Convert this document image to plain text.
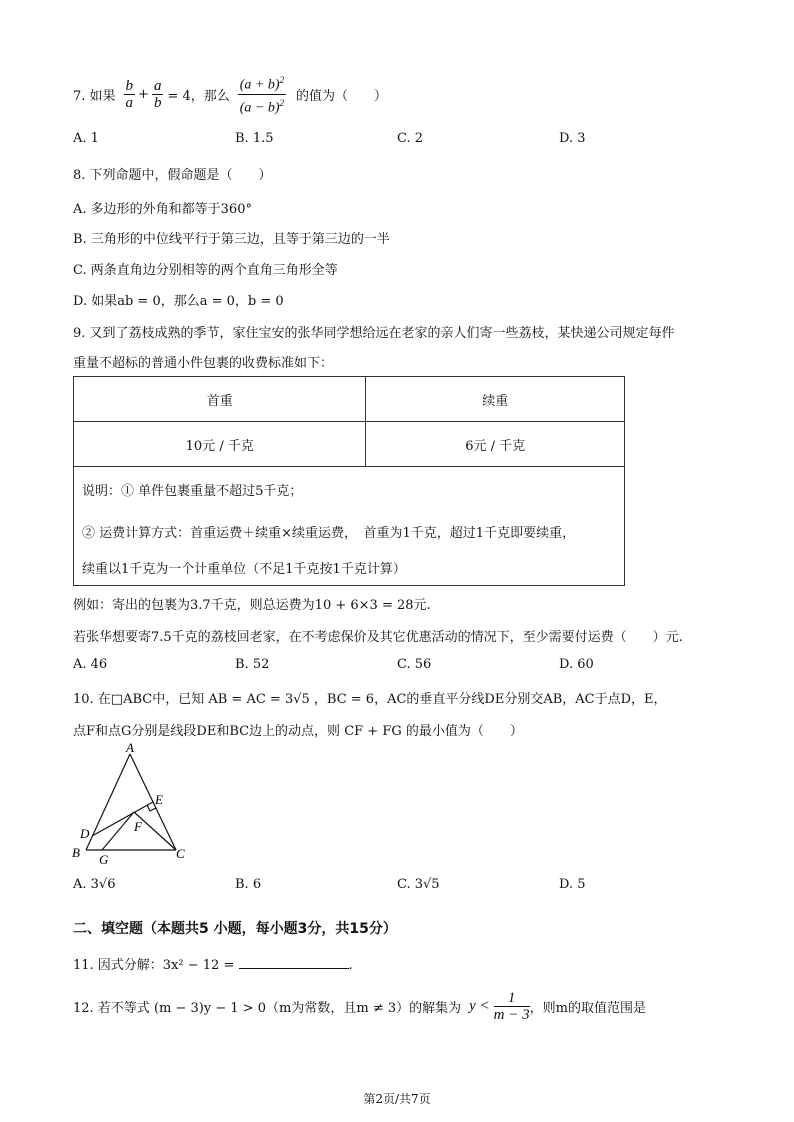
7. 如果 $\frac{b}{a} + \frac{a}{b} = 4$，那么 $\frac{(a + b)^2}{(a - b)^2}$ 的值为（　　）
A. 1	B. 1.5	C. 2	D. 3
8. 下列命题中，假命题是（　　）
A. 多边形的外角和都等于360°
B. 三角形的中位线平行于第三边，且等于第三边的一半
C. 两条直角边分别相等的两个直角三角形全等
D. 如果ab = 0，那么a = 0，b = 0
9. 又到了荔枝成熟的季节，家住宝安的张华同学想给远在老家的亲人们寄一些荔枝，某快递公司规定每件
重量不超标的普通小件包裹的收费标准如下：
首重	续重
10元 / 千克	6元 / 千克
说明：① 单件包裹重量不超过5千克；
② 运费计算方式：首重运费＋续重×续重运费，　首重为1千克，超过1千克即要续重，
续重以1千克为一个计重单位（不足1千克按1千克计算）
例如：寄出的包裹为3.7千克，则总运费为10 + 6×3 = 28元.
若张华想要寄7.5千克的荔枝回老家，在不考虑保价及其它优惠活动的情况下，至少需要付运费（　　）元.
A. 46	B. 52	C. 56	D. 60
10. 在□ABC中，已知 AB = AC = 3√5 ，BC = 6，AC的垂直平分线DE分别交AB，AC于点D，E，
点F和点G分别是线段DE和BC边上的动点，则 CF + FG 的最小值为（　　）
A
E
F
D
B G	C
A. 3√6	B. 6	C. 3√5	D. 5
二、填空题（本题共5 小题，每小题3分，共15分）
11. 因式分解：3x² − 12 =	.
12. 若不等式 (m − 3)y − 1 > 0（m为常数，且m ≠ 3）的解集为 $y < \frac{1}{m - 3}$ ，则m的取值范围是
第2页/共7页
